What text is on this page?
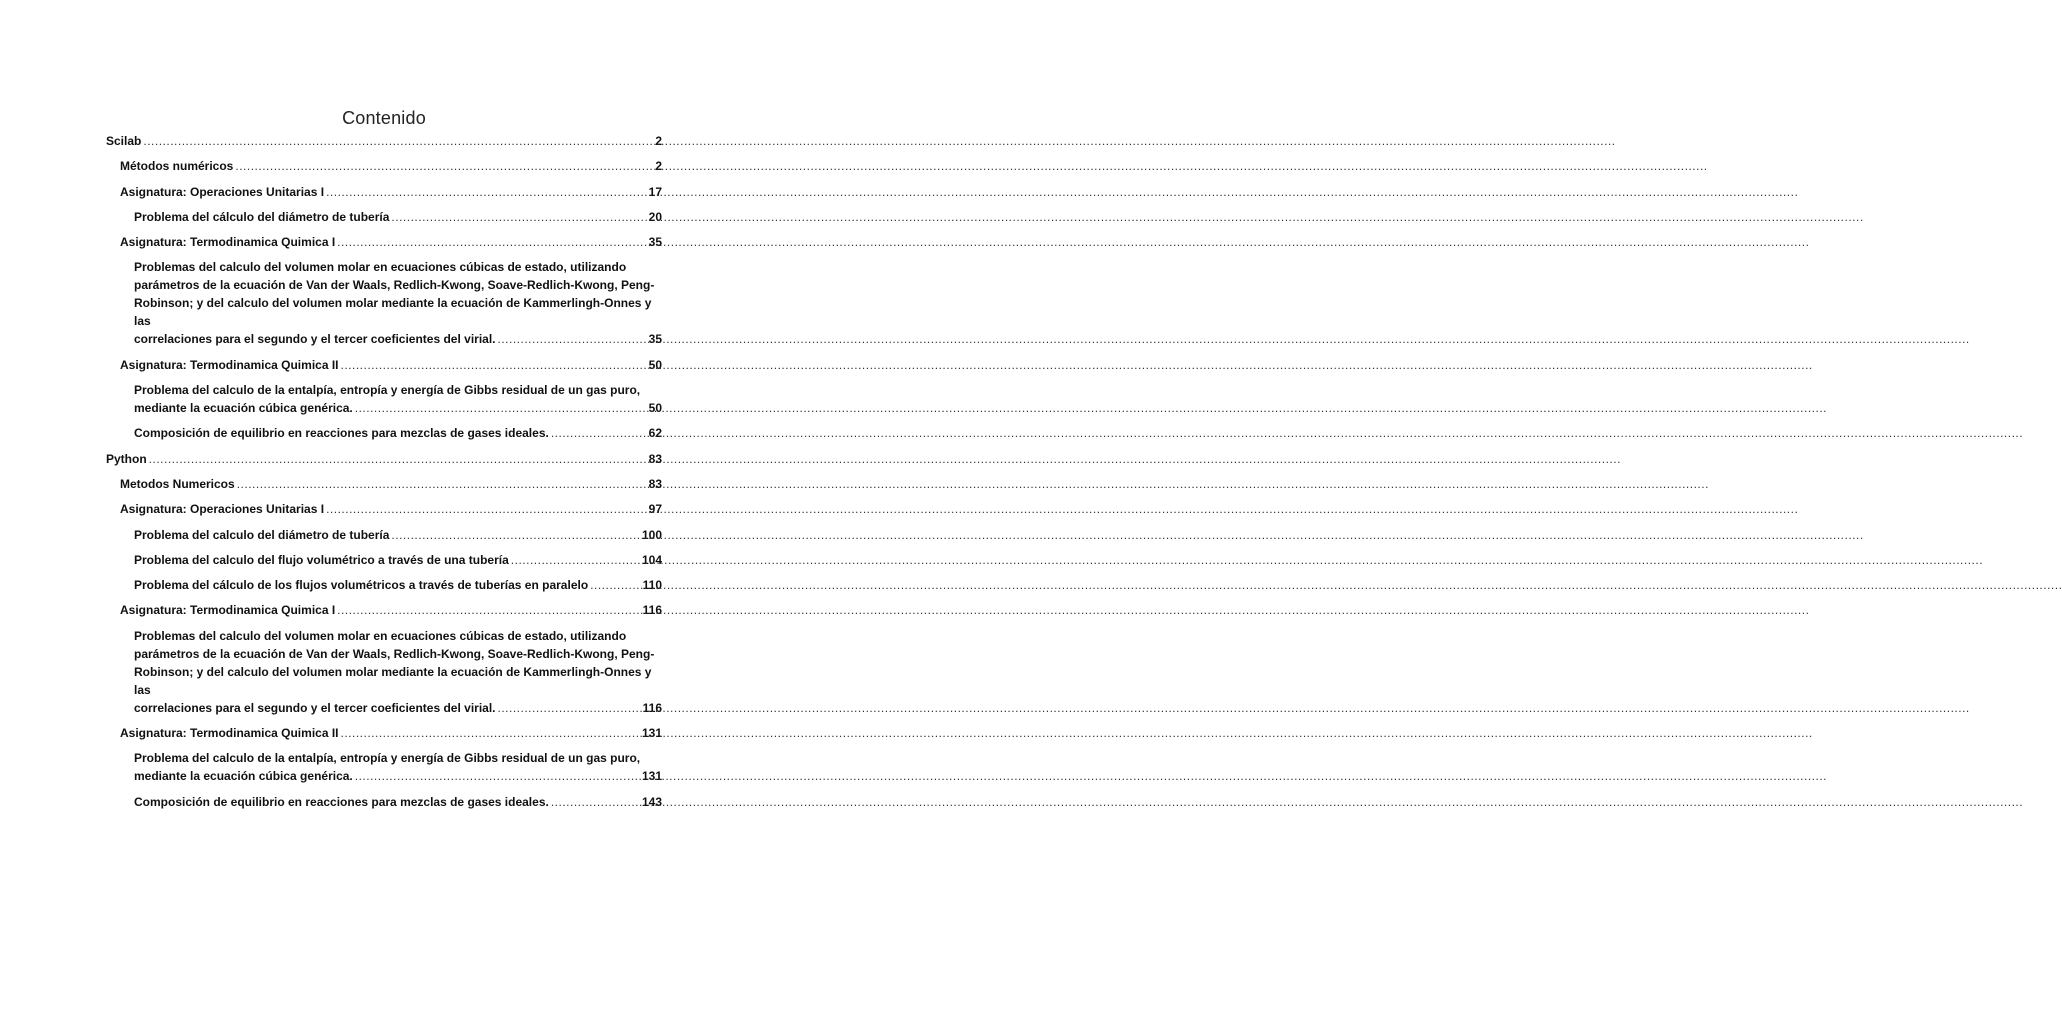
Contenido
Scilab .....	2
Métodos numéricos .....	2
Asignatura: Operaciones Unitarias I .....	17
Problema del cálculo del diámetro de tubería .....	20
Asignatura: Termodinamica Quimica I .....	35
Problemas del calculo del volumen molar en ecuaciones cúbicas de estado, utilizando
parámetros de la ecuación de Van der Waals, Redlich-Kwong, Soave-Redlich-Kwong, Peng-
Robinson; y del calculo del volumen molar mediante la ecuación de Kammerlingh-Onnes y las
correlaciones para el segundo y el tercer coeficientes del virial. .....	35
Asignatura: Termodinamica Quimica II .....	50
Problema del calculo de la entalpía, entropía y energía de Gibbs residual de un gas puro,
mediante la ecuación cúbica genérica. .....	50
Composición de equilibrio en reacciones para mezclas de gases ideales. .....	62
Python .....	83
Metodos Numericos .....	83
Asignatura: Operaciones Unitarias I .....	97
Problema del calculo del diámetro de tubería .....	100
Problema del calculo del flujo volumétrico a través de una tubería .....	104
Problema del cálculo de los flujos volumétricos a través de tuberías en paralelo .....	110
Asignatura: Termodinamica Quimica I .....	116
Problemas del calculo del volumen molar en ecuaciones cúbicas de estado, utilizando
parámetros de la ecuación de Van der Waals, Redlich-Kwong, Soave-Redlich-Kwong, Peng-
Robinson; y del calculo del volumen molar mediante la ecuación de Kammerlingh-Onnes y las
correlaciones para el segundo y el tercer coeficientes del virial. .....	116
Asignatura: Termodinamica Quimica II .....	131
Problema del calculo de la entalpía, entropía y energía de Gibbs residual de un gas puro,
mediante la ecuación cúbica genérica. .....	131
Composición de equilibrio en reacciones para mezclas de gases ideales. .....	143
